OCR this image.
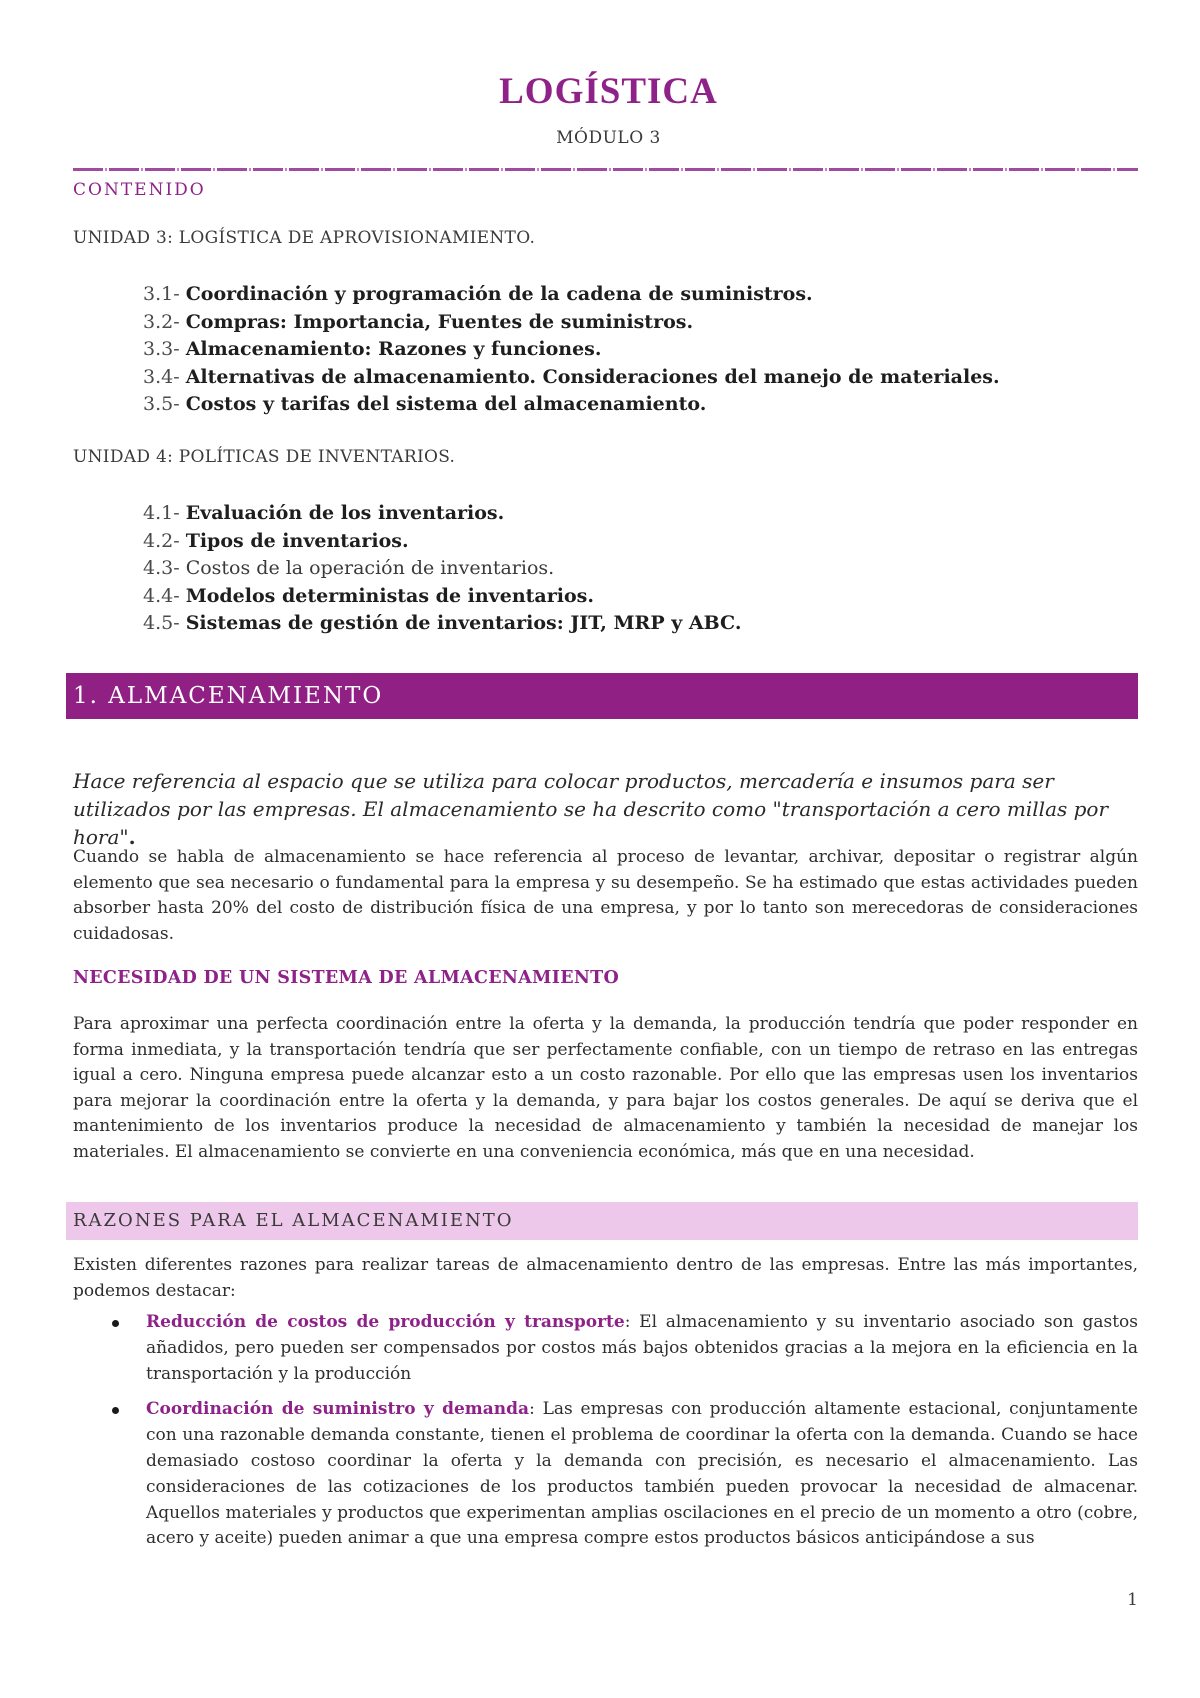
LOGÍSTICA
MÓDULO 3
CONTENIDO
UNIDAD 3: LOGÍSTICA DE APROVISIONAMIENTO.
3.1- Coordinación y programación de la cadena de suministros.
3.2- Compras: Importancia, Fuentes de suministros.
3.3- Almacenamiento: Razones y funciones.
3.4- Alternativas de almacenamiento. Consideraciones del manejo de materiales.
3.5- Costos y tarifas del sistema del almacenamiento.
UNIDAD 4: POLÍTICAS DE INVENTARIOS.
4.1- Evaluación de los inventarios.
4.2- Tipos de inventarios.
4.3- Costos de la operación de inventarios.
4.4- Modelos deterministas de inventarios.
4.5- Sistemas de gestión de inventarios: JIT, MRP y ABC.
1. ALMACENAMIENTO

Hace referencia al espacio que se utiliza para colocar productos, mercadería e insumos para ser utilizados por las empresas. El almacenamiento se ha descrito como "transportación a cero millas por hora".

Cuando se habla de almacenamiento se hace referencia al proceso de levantar, archivar, depositar o registrar algún elemento que sea necesario o fundamental para la empresa y su desempeño. Se ha estimado que estas actividades pueden absorber hasta 20% del costo de distribución física de una empresa, y por lo tanto son merecedoras de consideraciones cuidadosas.

NECESIDAD DE UN SISTEMA DE ALMACENAMIENTO

Para aproximar una perfecta coordinación entre la oferta y la demanda, la producción tendría que poder responder en forma inmediata, y la transportación tendría que ser perfectamente confiable, con un tiempo de retraso en las entregas igual a cero. Ninguna empresa puede alcanzar esto a un costo razonable. Por ello que las empresas usen los inventarios para mejorar la coordinación entre la oferta y la demanda, y para bajar los costos generales. De aquí se deriva que el mantenimiento de los inventarios produce la necesidad de almacenamiento y también la necesidad de manejar los materiales. El almacenamiento se convierte en una conveniencia económica, más que en una necesidad.

RAZONES PARA EL ALMACENAMIENTO

Existen diferentes razones para realizar tareas de almacenamiento dentro de las empresas. Entre las más importantes, podemos destacar:

Reducción de costos de producción y transporte: El almacenamiento y su inventario asociado son gastos añadidos, pero pueden ser compensados por costos más bajos obtenidos gracias a la mejora en la eficiencia en la transportación y la producción
Coordinación de suministro y demanda: Las empresas con producción altamente estacional, conjuntamente con una razonable demanda constante, tienen el problema de coordinar la oferta con la demanda. Cuando se hace demasiado costoso coordinar la oferta y la demanda con precisión, es necesario el almacenamiento. Las consideraciones de las cotizaciones de los productos también pueden provocar la necesidad de almacenar. Aquellos materiales y productos que experimentan amplias oscilaciones en el precio de un momento a otro (cobre, acero y aceite) pueden animar a que una empresa compre estos productos básicos anticipándose a sus
1
